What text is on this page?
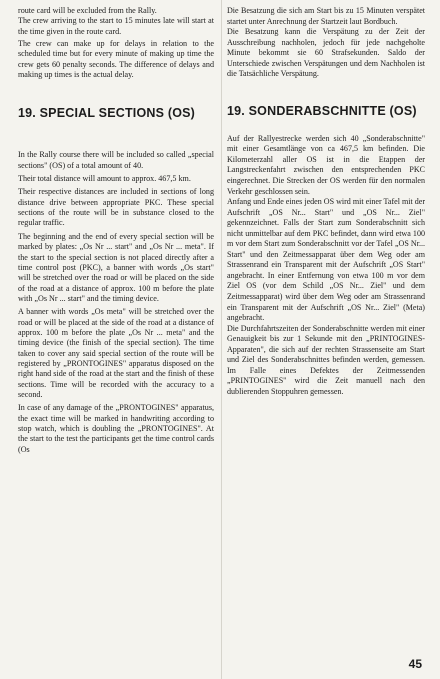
route card will be excluded from the Rally.

The crew arriving to the start to 15 minutes late will start at the time given in the route card.

The crew can make up for delays in relation to the scheduled time but for every minute of making up time the crew gets 60 penalty seconds. The difference of delays and making up times is the actual delay.

19. SPECIAL SECTIONS (OS)

In the Rally course there will be included so called „special sections" (OS) of a total amount of 40.

Their total distance will amount to approx. 467,5 km.

Their respective distances are included in sections of long distance drive between appropriate PKC. These special sections of the route will be in substance closed to the regular traffic.

The beginning and the end of every special section will be marked by plates: „Os Nr ... start" and „Os Nr ... meta". If the start to the special section is not placed directly after a time control post (PKC), a banner with words „Os start" will be stretched over the road or will be placed on the side of the road at a distance of approx. 100 m before the plate with „Os Nr ... start" and the timing device.

A banner with words „Os meta" will be stretched over the road or will be placed at the side of the road at a distance of approx. 100 m before the plate „Os Nr ... meta" and the timing device (the finish of the special section). The time taken to cover any said special section of the route will be registered by „PRONTOGINES" apparatus disposed on the right hand side of the road at the start and the finish of these sections. Time will be recorded with the accuracy to a second.

In case of any damage of the „PRONTOGINES" apparatus, the exact time will be marked in handwriting according to stop watch, which is doubling the „PRONTOGINES". At the start to the test the participants get the time control cards (Os

Die Besatzung die sich am Start bis zu 15 Minuten verspätet startet unter Anrechnung der Startzeit laut Bordbuch.

Die Besatzung kann die Verspätung zu der Zeit der Ausschreibung nachholen, jedoch für jede nachgeholte Minute bekommt sie 60 Strafsekunden. Saldo der Unterschiede zwischen Verspätungen und dem Nachholen ist die Tatsächliche Verspätung.

19. SONDERABSCHNITTE (OS)

Auf der Rallyestrecke werden sich 40 „Sonderabschnitte" mit einer Gesamtlänge von ca 467,5 km befinden. Die Kilometerzahl aller OS ist in die Etappen der Langstreckenfahrt zwischen den entsprechenden PKC eingerechnet. Die Strecken der OS werden für den normalen Verkehr geschlossen sein.

Anfang und Ende eines jeden OS wird mit einer Tafel mit der Aufschrift „OS Nr... Start" und „OS Nr... Ziel" gekennzeichnet. Falls der Start zum Sonderabschnitt sich nicht unmittelbar auf dem PKC befindet, dann wird etwa 100 m vor dem Start zum Sonderabschnitt vor der Tafel „OS Nr... Start" und den Zeitmessapparat über dem Weg oder am Strassenrand ein Transparent mit der Aufschrift „OS Start" angebracht. In einer Entfernung von etwa 100 m vor dem Ziel OS (vor dem Schild „OS Nr... Ziel" und dem Zeitmessapparat) wird über dem Weg oder am Strassenrand ein Transparent mit der Aufschrift „OS Nr... Ziel" (Meta) angebracht.

Die Durchfahrtszeiten der Sonderabschnitte werden mit einer Genauigkeit bis zur 1 Sekunde mit den „PRINTOGINES-Apparaten", die sich auf der rechten Strassenseite am Start und Ziel des Sonderabschnittes befinden werden, gemessen. Im Falle eines Defektes der Zeitmessenden „PRINTOGINES" wird die Zeit manuell nach den dublierenden Stoppuhren gemessen.

45
